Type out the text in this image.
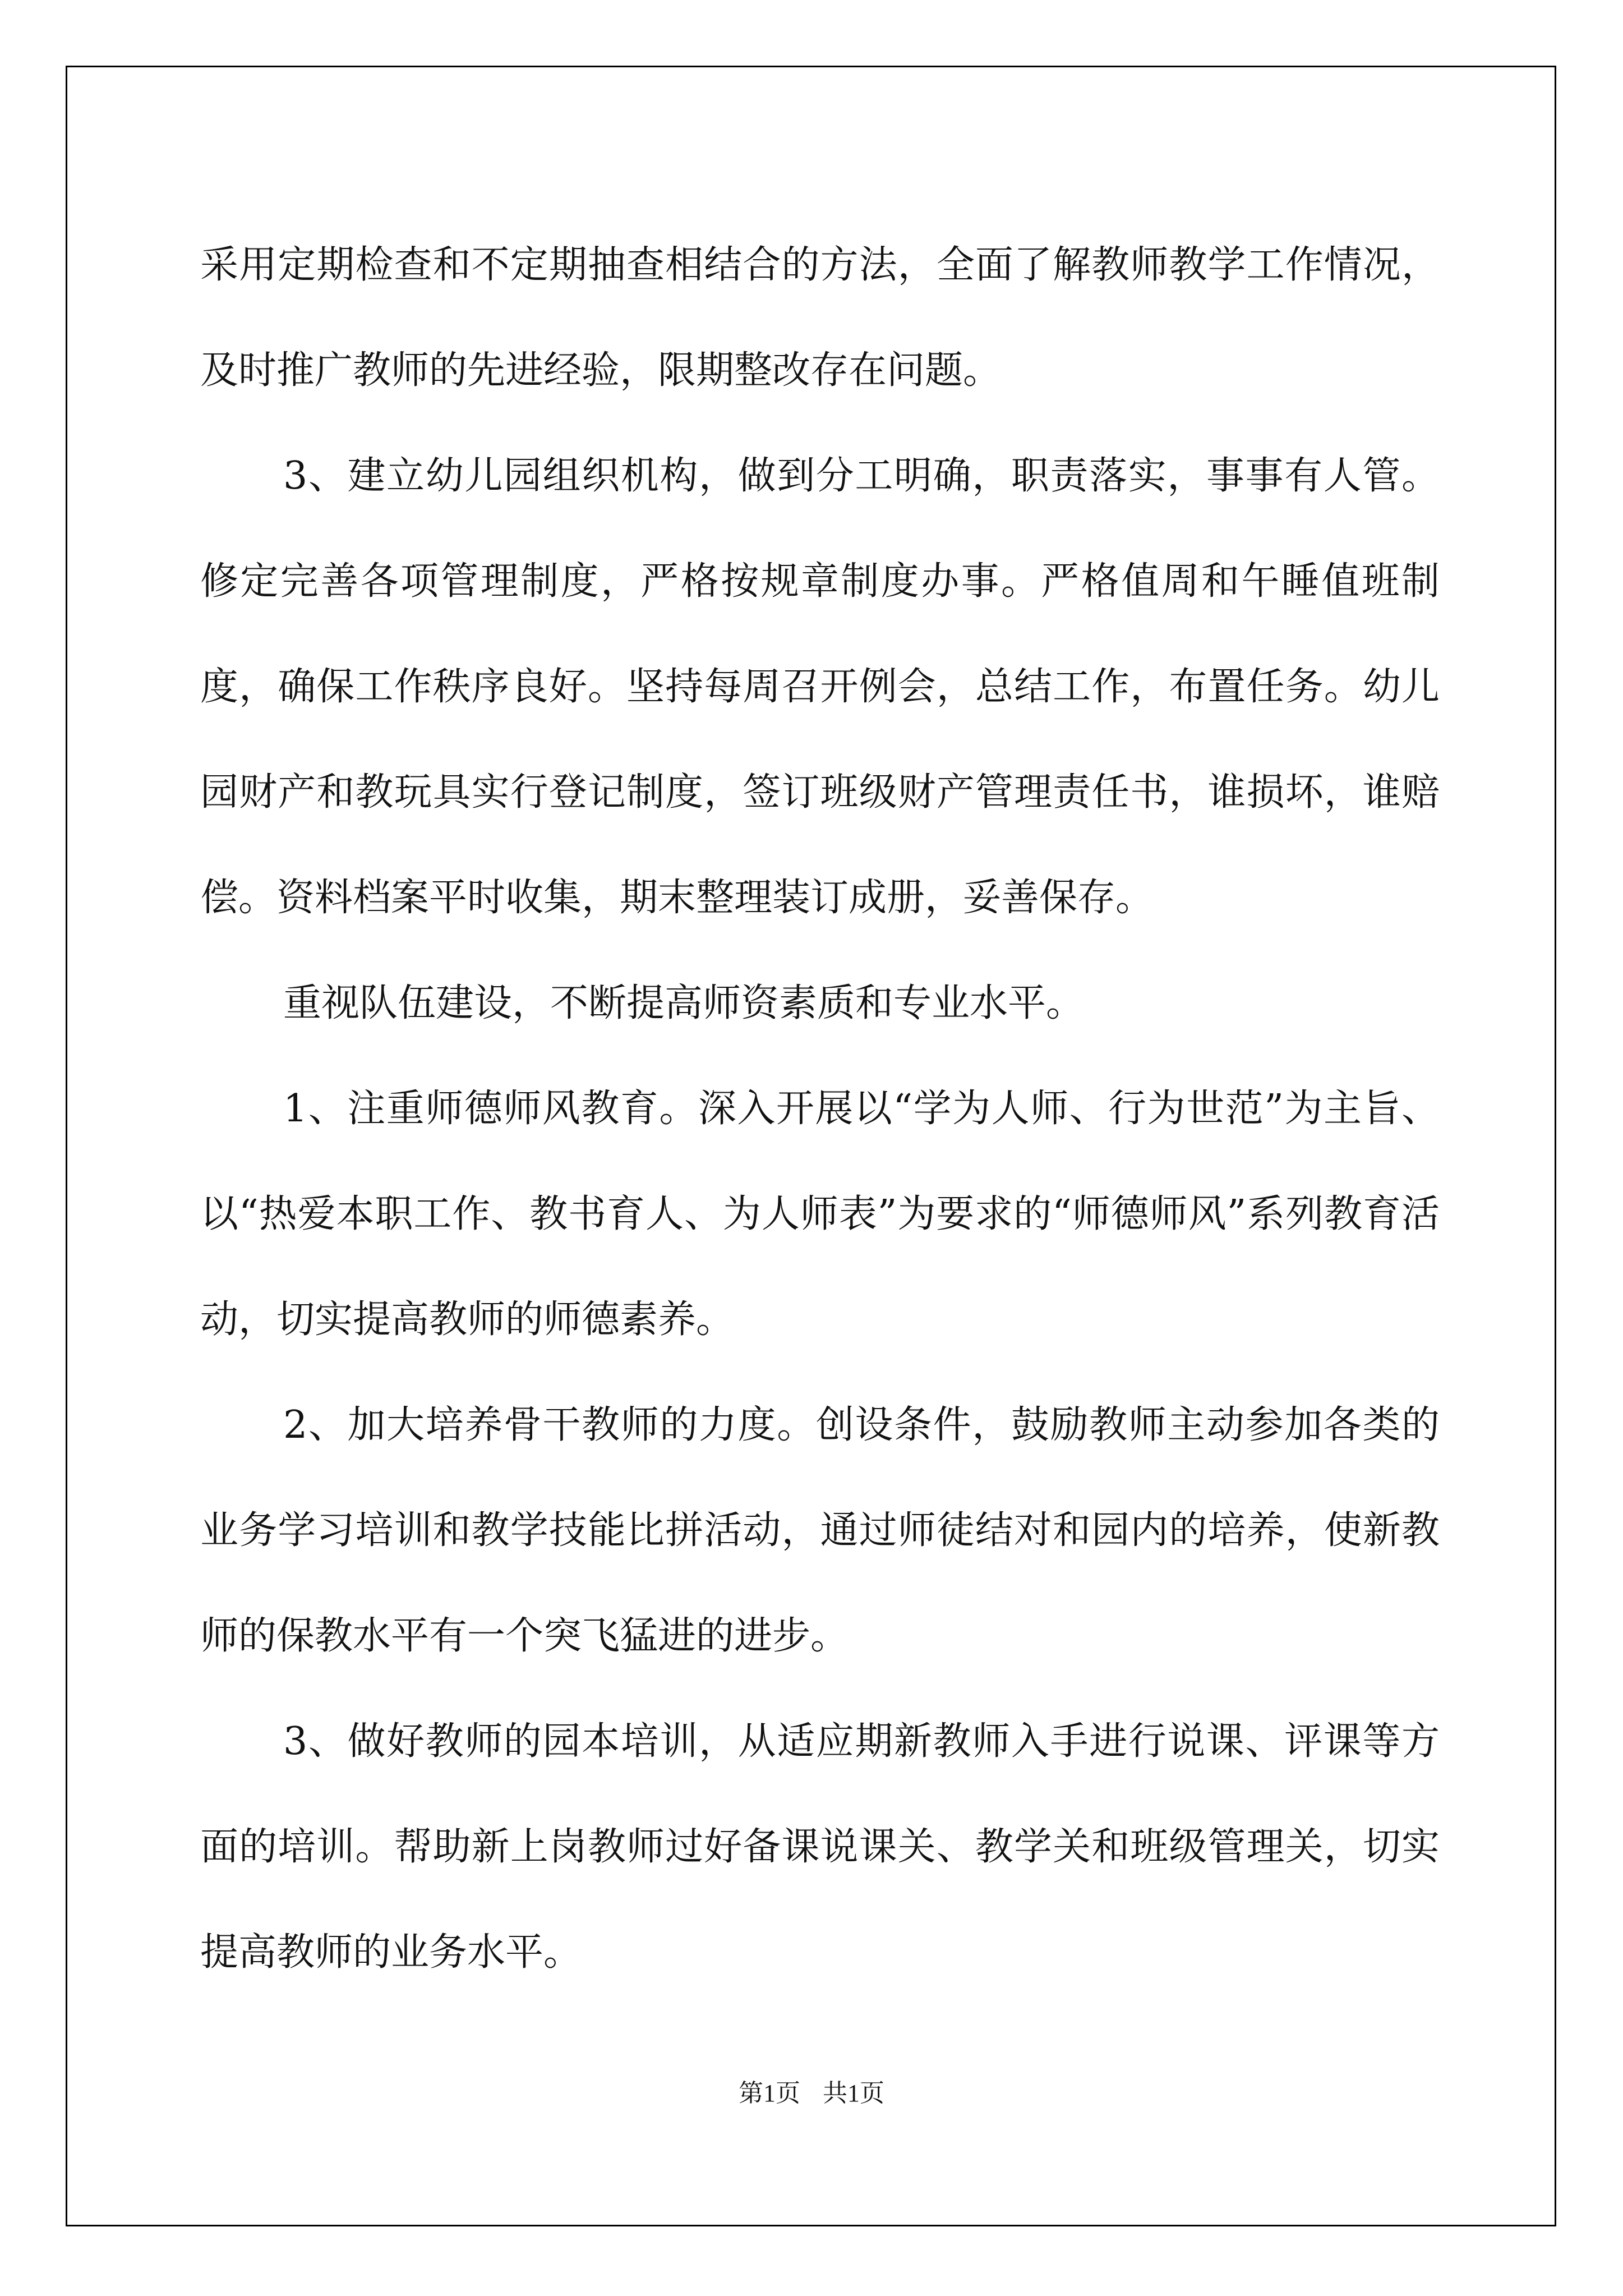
采用定期检查和不定期抽查相结合的方法，全面了解教师教学工作情况，及时推广教师的先进经验，限期整改存在问题。

3、建立幼儿园组织机构，做到分工明确，职责落实，事事有人管。修定完善各项管理制度，严格按规章制度办事。严格值周和午睡值班制度，确保工作秩序良好。坚持每周召开例会，总结工作，布置任务。幼儿园财产和教玩具实行登记制度，签订班级财产管理责任书，谁损坏，谁赔偿。资料档案平时收集，期末整理装订成册，妥善保存。

重视队伍建设，不断提高师资素质和专业水平。

1、注重师德师风教育。深入开展以“学为人师、行为世范”为主旨、以“热爱本职工作、教书育人、为人师表”为要求的“师德师风”系列教育活动，切实提高教师的师德素养。

2、加大培养骨干教师的力度。创设条件，鼓励教师主动参加各类的业务学习培训和教学技能比拼活动，通过师徒结对和园内的培养，使新教师的保教水平有一个突飞猛进的进步。

3、做好教师的园本培训，从适应期新教师入手进行说课、评课等方面的培训。帮助新上岗教师过好备课说课关、教学关和班级管理关，切实提高教师的业务水平。

第1页 共1页
